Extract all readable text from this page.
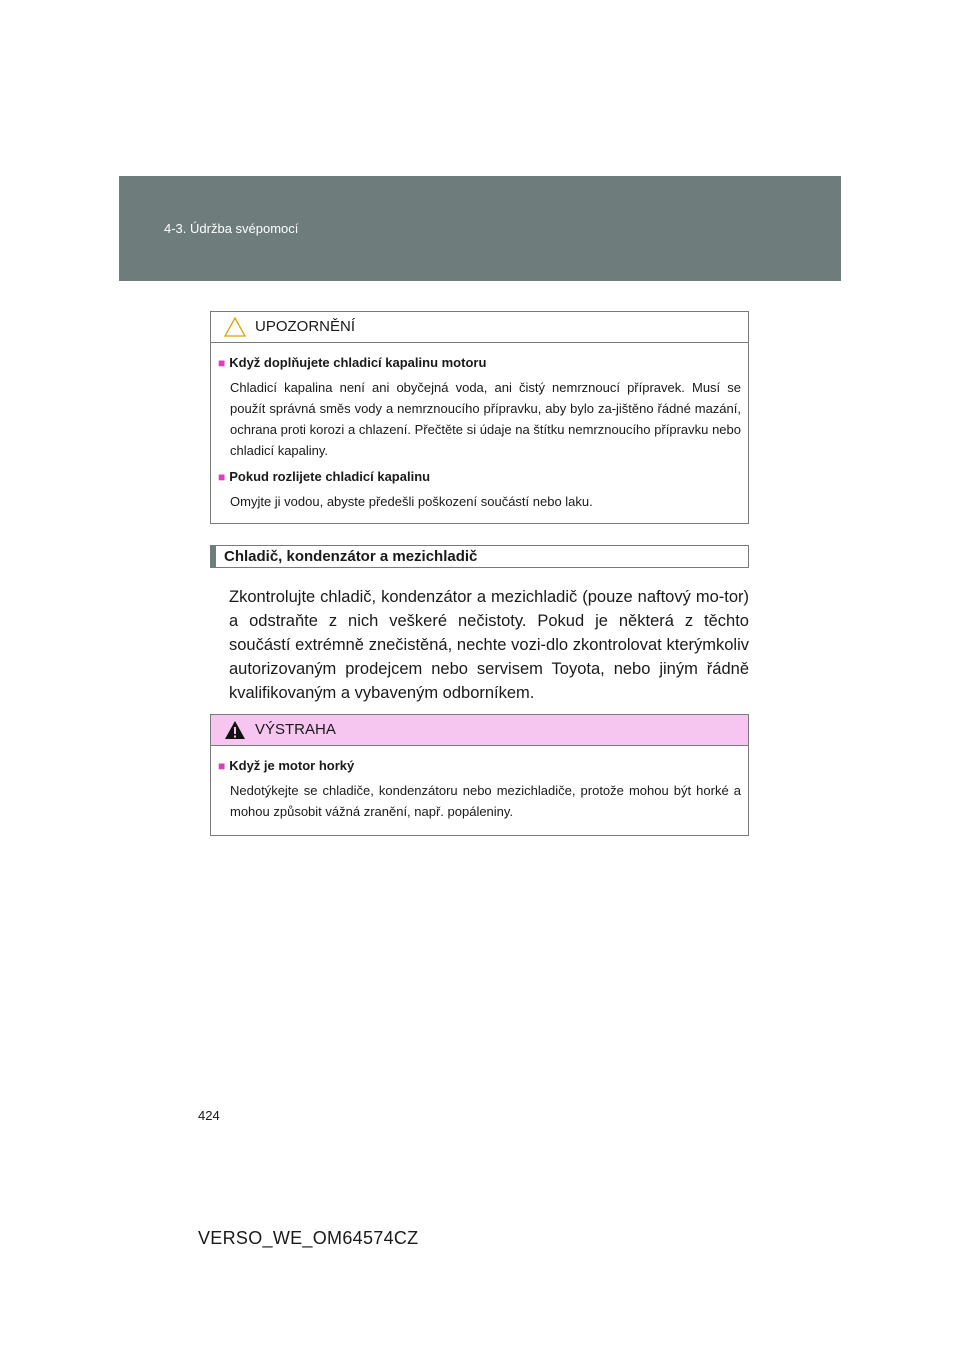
4-3. Údržba svépomocí
UPOZORNĚNÍ
■ Když doplňujete chladicí kapalinu motoru
Chladicí kapalina není ani obyčejná voda, ani čistý nemrznoucí přípravek. Musí se použít správná směs vody a nemrznoucího přípravku, aby bylo za-jištěno řádné mazání, ochrana proti korozi a chlazení. Přečtěte si údaje na štítku nemrznoucího přípravku nebo chladicí kapaliny.
■ Pokud rozlijete chladicí kapalinu
Omyjte ji vodou, abyste předešli poškození součástí nebo laku.
Chladič, kondenzátor a mezichladič
Zkontrolujte chladič, kondenzátor a mezichladič (pouze naftový mo-tor) a odstraňte z nich veškeré nečistoty. Pokud je některá z těchto součástí extrémně znečistěná, nechte vozi-dlo zkontrolovat kterýmkoliv autorizovaným prodejcem nebo servisem Toyota, nebo jiným řádně kvalifikovaným a vybaveným odborníkem.
VÝSTRAHA
■ Když je motor horký
Nedotýkejte se chladiče, kondenzátoru nebo mezichladiče, protože mohou být horké a mohou způsobit vážná zranění, např. popáleniny.
424
VERSO_WE_OM64574CZ
